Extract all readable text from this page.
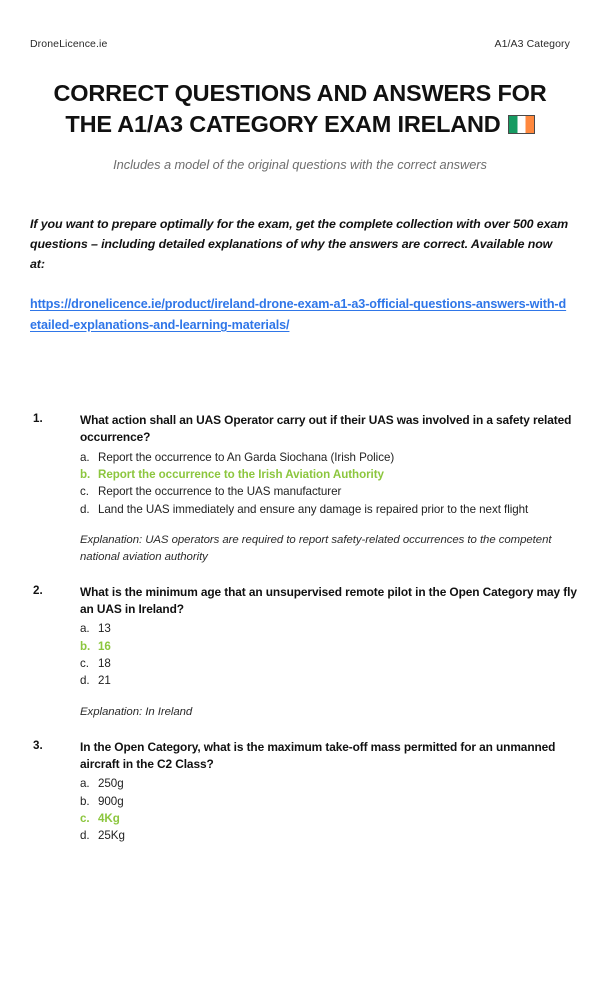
DroneLicence.ie	A1/A3 Category
CORRECT QUESTIONS AND ANSWERS FOR THE A1/A3 CATEGORY EXAM IRELAND

Includes a model of the original questions with the correct answers

If you want to prepare optimally for the exam, get the complete collection with over 500 exam questions – including detailed explanations of why the answers are correct. Available now at:

https://dronelicence.ie/product/ireland-drone-exam-a1-a3-official-questions-answers-with-detailed-explanations-and-learning-materials/
1.	What action shall an UAS Operator carry out if their UAS was involved in a safety related occurrence?

a. Report the occurrence to An Garda Siochana (Irish Police)
b. Report the occurrence to the Irish Aviation Authority
c. Report the occurrence to the UAS manufacturer
d. Land the UAS immediately and ensure any damage is repaired prior to the next flight

Explanation: UAS operators are required to report safety-related occurrences to the competent national aviation authority

2.	What is the minimum age that an unsupervised remote pilot in the Open Category may fly an UAS in Ireland?

a. 13
b. 16
c. 18
d. 21

Explanation: In Ireland

3.	In the Open Category, what is the maximum take-off mass permitted for an unmanned aircraft in the C2 Class?

a. 250g
b. 900g
c. 4Kg
d. 25Kg
